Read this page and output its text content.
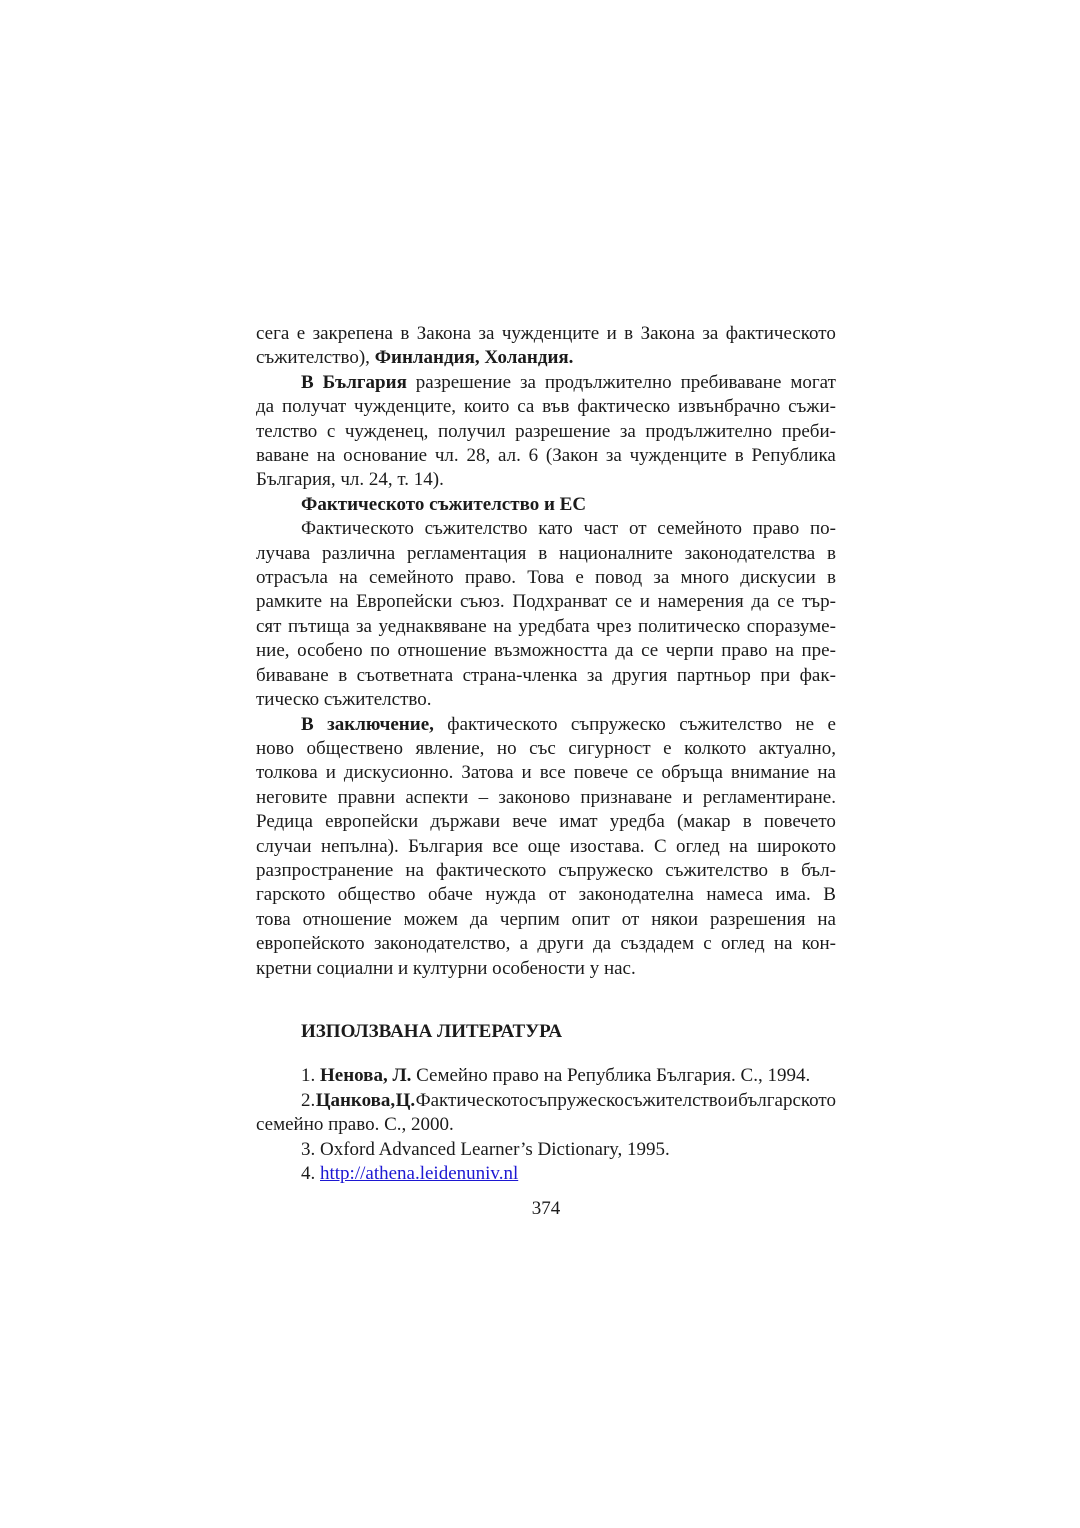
сега е закрепена в Закона за чужденците и в Закона за фактическото
съжителство), Финландия, Холандия.
В България разрешение за продължително пребиваване могат
да получат чужденците, които са във фактическо извънбрачно съжи-
телство с чужденец, получил разрешение за продължително преби-
ваване на основание чл. 28, ал. 6 (Закон за чужденците в Република
България, чл. 24, т. 14).
Фактическото съжителство и ЕС
Фактическото съжителство като част от семейното право по-
лучава различна регламентация в националните законодателства в
отрасъла на семейното право. Това е повод за много дискусии в
рамките на Европейски съюз. Подхранват се и намерения да се тър-
сят пътища за уеднаквяване на уредбата чрез политическо споразуме-
ние, особено по отношение възможността да се черпи право на пре-
биваване в съответната страна-членка за другия партньор при фак-
тическо съжителство.
В заключение, фактическото съпружеско съжителство не е
ново обществено явление, но със сигурност е колкото актуално,
толкова и дискусионно. Затова и все повече се обръща внимание на
неговите правни аспекти – законово признаване и регламентиране.
Редица европейски държави вече имат уредба (макар в повечето
случаи непълна). България все още изостава. С оглед на широкото
разпространение на фактическото съпружеско съжителство в бъл-
гарското общество обаче нужда от законодателна намеса има. В
това отношение можем да черпим опит от някои разрешения на
европейското законодателство, а други да създадем с оглед на кон-
кретни социални и културни особености у нас.
ИЗПОЛЗВАНА ЛИТЕРАТУРА
1. Ненова, Л. Семейно право на Република България. С., 1994.
2. Цанкова, Ц. Фактическото съпружеско съжителство и българското
семейно право. С., 2000.
3. Oxford Advanced Learner’s Dictionary, 1995.
4. http://athena.leidenuniv.nl
374
